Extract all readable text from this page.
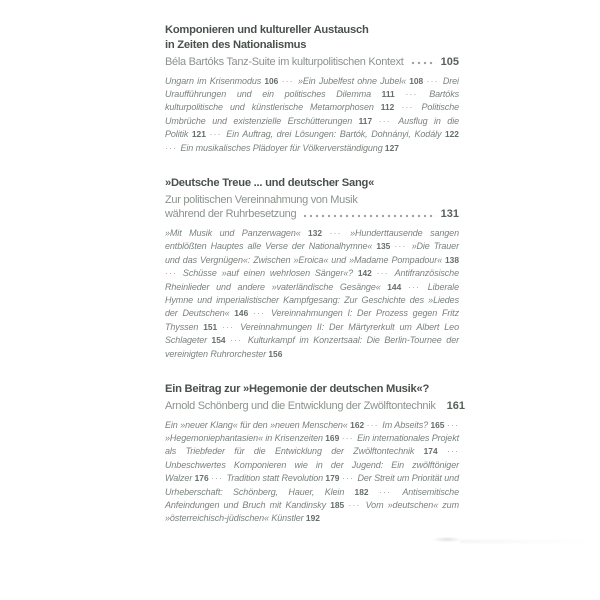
Komponieren und kultureller Austausch
in Zeiten des Nationalismus
Béla Bartóks Tanz-Suite im kulturpolitischen Kontext	105

Ungarn im Krisenmodus 106 ··· »Ein Jubelfest ohne Jubel« 108 ··· Drei Uraufführungen und ein politisches Dilemma 111 ··· Bartóks kulturpolitische und künstlerische Metamorphosen 112 ··· Politische Umbrüche und existenzielle Erschütterungen 117 ··· Ausflug in die Politik 121 ··· Ein Auftrag, drei Lösungen: Bartók, Dohnányi, Kodály 122 ··· Ein musikalisches Plädoyer für Völkerverständigung 127

»Deutsche Treue ... und deutscher Sang«
Zur politischen Vereinnahmung von Musik
während der Ruhrbesetzung	131

»Mit Musik und Panzerwagen« 132 ··· »Hunderttausende sangen entblößten Hauptes alle Verse der Nationalhymne« 135 ··· »Die Trauer und das Vergnügen«: Zwischen »Eroica« und »Madame Pompadour« 138 ··· Schüsse »auf einen wehrlosen Sänger«? 142 ··· Antifranzösische Rheinlieder und andere »vaterländische Gesänge« 144 ··· Liberale Hymne und imperialistischer Kampfgesang: Zur Geschichte des »Liedes der Deutschen« 146 ··· Vereinnahmungen I: Der Prozess gegen Fritz Thyssen 151 ··· Vereinnahmungen II: Der Märtyrerkult um Albert Leo Schlageter 154 ··· Kulturkampf im Konzertsaal: Die Berlin-Tournee der vereinigten Ruhrorchester 156

Ein Beitrag zur »Hegemonie der deutschen Musik«?
Arnold Schönberg und die Entwicklung der Zwölftontechnik 161

Ein »neuer Klang« für den »neuen Menschen« 162 ··· Im Abseits? 165 ··· »Hegemoniephantasien« in Krisenzeiten 169 ··· Ein internationales Projekt als Triebfeder für die Entwicklung der Zwölftontechnik 174 ··· Unbeschwertes Komponieren wie in der Jugend: Ein zwölftöniger Walzer 176 ··· Tradition statt Revolution 179 ··· Der Streit um Priorität und Urheberschaft: Schönberg, Hauer, Klein 182 ··· Antisemitische Anfeindungen und Bruch mit Kandinsky 185 ··· Vom »deutschen« zum »österreichisch-jüdischen« Künstler 192
